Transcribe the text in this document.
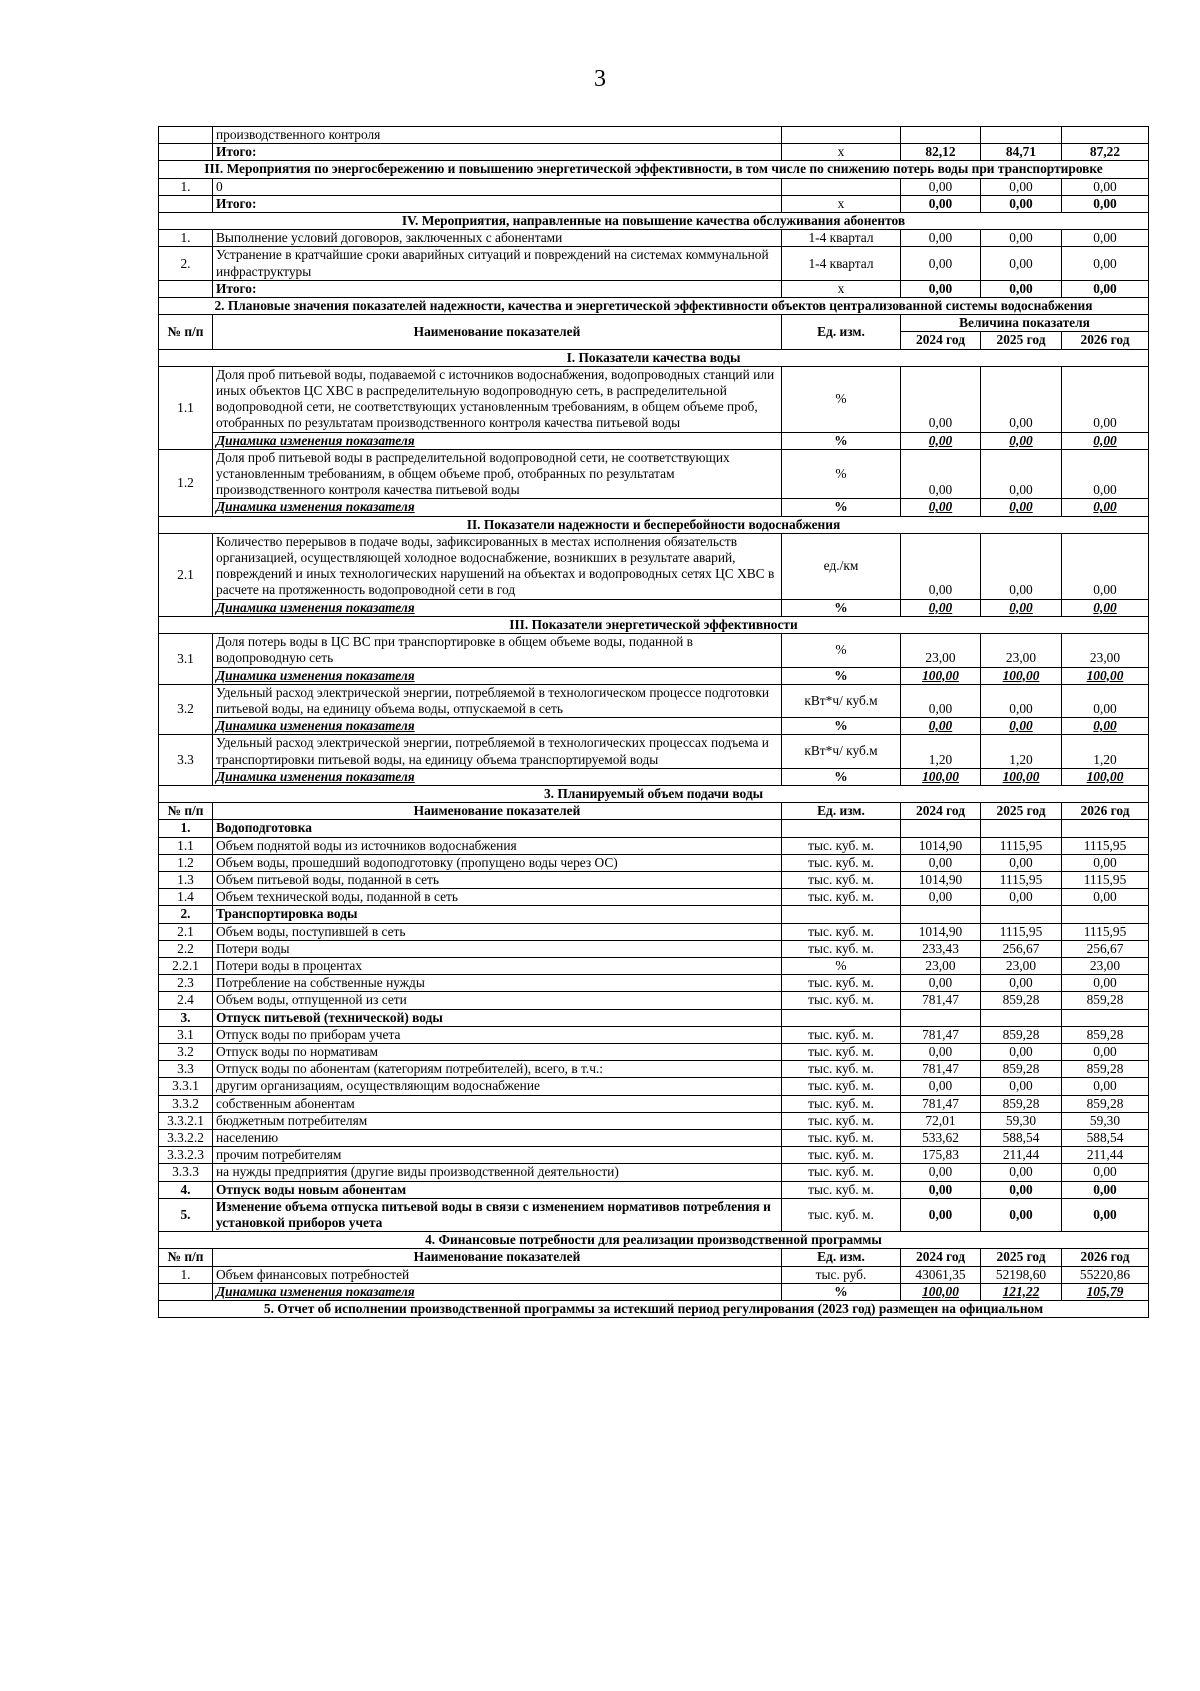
3
	производственного контроля				
	Итого:	х	82,12	84,71	87,22
III. Мероприятия по энергосбережению и повышению энергетической эффективности, в том числе по снижению потерь воды при транспортировке					
1.	0		0,00	0,00	0,00
	Итого:	х	0,00	0,00	0,00
IV. Мероприятия, направленные на повышение качества обслуживания абонентов					
1.	Выполнение условий договоров, заключенных с абонентами	1-4 квартал	0,00	0,00	0,00
2.	Устранение в кратчайшие сроки аварийных ситуаций и повреждений на системах коммунальной инфраструктуры	1-4 квартал	0,00	0,00	0,00
	Итого:	х	0,00	0,00	0,00
2. Плановые значения показателей надежности, качества и энергетической эффективности объектов централизованной системы водоснабжения					
№ п/п	Наименование показателей	Ед. изм.	Величина показателя		
			2024 год	2025 год	2026 год
I. Показатели качества воды					
1.1	Доля проб питьевой воды, подаваемой с источников водоснабжения, водопроводных станций или иных объектов ЦС ХВС в распределительную водопроводную сеть, в распределительной водопроводной сети, не соответствующих установленным требованиям, в общем объеме проб, отобранных по результатам производственного контроля качества питьевой воды	%	0,00	0,00	0,00
	Динамика изменения показателя	%	0,00	0,00	0,00
1.2	Доля проб питьевой воды в распределительной водопроводной сети, не соответствующих установленным требованиям, в общем объеме проб, отобранных по результатам производственного контроля качества питьевой воды	%	0,00	0,00	0,00
	Динамика изменения показателя	%	0,00	0,00	0,00
II. Показатели надежности и бесперебойности водоснабжения					
2.1	Количество перерывов в подаче воды, зафиксированных в местах исполнения обязательств организацией, осуществляющей холодное водоснабжение, возникших в результате аварий, повреждений и иных технологических нарушений на объектах и водопроводных сетях ЦС ХВС в расчете на протяженность водопроводной сети в год	ед./км	0,00	0,00	0,00
	Динамика изменения показателя	%	0,00	0,00	0,00
III. Показатели энергетической эффективности					
3.1	Доля потерь воды в ЦС ВС при транспортировке в общем объеме воды, поданной в водопроводную сеть	%	23,00	23,00	23,00
	Динамика изменения показателя	%	100,00	100,00	100,00
3.2	Удельный расход электрической энергии, потребляемой в технологическом процессе подготовки питьевой воды, на единицу объема воды, отпускаемой в сеть	кВт*ч/ куб.м	0,00	0,00	0,00
	Динамика изменения показателя	%	0,00	0,00	0,00
3.3	Удельный расход электрической энергии, потребляемой в технологических процессах подъема и транспортировки питьевой воды, на единицу объема транспортируемой воды	кВт*ч/ куб.м	1,20	1,20	1,20
	Динамика изменения показателя	%	100,00	100,00	100,00
3. Планируемый объем подачи воды					
№ п/п	Наименование показателей	Ед. изм.	2024 год	2025 год	2026 год
1.	Водоподготовка				
1.1	Объем поднятой воды из источников водоснабжения	тыс. куб. м.	1014,90	1115,95	1115,95
1.2	Объем воды, прошедший водоподготовку (пропущено воды через ОС)	тыс. куб. м.	0,00	0,00	0,00
1.3	Объем питьевой воды, поданной в сеть	тыс. куб. м.	1014,90	1115,95	1115,95
1.4	Объем технической воды, поданной в сеть	тыс. куб. м.	0,00	0,00	0,00
2.	Транспортировка воды				
2.1	Объем воды, поступившей в сеть	тыс. куб. м.	1014,90	1115,95	1115,95
2.2	Потери воды	тыс. куб. м.	233,43	256,67	256,67
2.2.1	Потери воды в процентах	%	23,00	23,00	23,00
2.3	Потребление на собственные нужды	тыс. куб. м.	0,00	0,00	0,00
2.4	Объем воды, отпущенной из сети	тыс. куб. м.	781,47	859,28	859,28
3.	Отпуск питьевой (технической) воды				
3.1	Отпуск воды по приборам учета	тыс. куб. м.	781,47	859,28	859,28
3.2	Отпуск воды по нормативам	тыс. куб. м.	0,00	0,00	0,00
3.3	Отпуск воды по абонентам (категориям потребителей), всего, в т.ч.:	тыс. куб. м.	781,47	859,28	859,28
3.3.1	другим организациям, осуществляющим водоснабжение	тыс. куб. м.	0,00	0,00	0,00
3.3.2	собственным абонентам	тыс. куб. м.	781,47	859,28	859,28
3.3.2.1	бюджетным потребителям	тыс. куб. м.	72,01	59,30	59,30
3.3.2.2	населению	тыс. куб. м.	533,62	588,54	588,54
3.3.2.3	прочим потребителям	тыс. куб. м.	175,83	211,44	211,44
3.3.3	на нужды предприятия (другие виды производственной деятельности)	тыс. куб. м.	0,00	0,00	0,00
4.	Отпуск воды новым абонентам	тыс. куб. м.	0,00	0,00	0,00
5.	Изменение объема отпуска питьевой воды в связи с изменением нормативов потребления и установкой приборов учета	тыс. куб. м.	0,00	0,00	0,00
4. Финансовые потребности для реализации производственной программы					
№ п/п	Наименование показателей	Ед. изм.	2024 год	2025 год	2026 год
1.	Объем финансовых потребностей	тыс. руб.	43061,35	52198,60	55220,86
	Динамика изменения показателя	%	100,00	121,22	105,79
5. Отчет об исполнении производственной программы за истекший период регулирования (2023 год) размещен на официальном					
